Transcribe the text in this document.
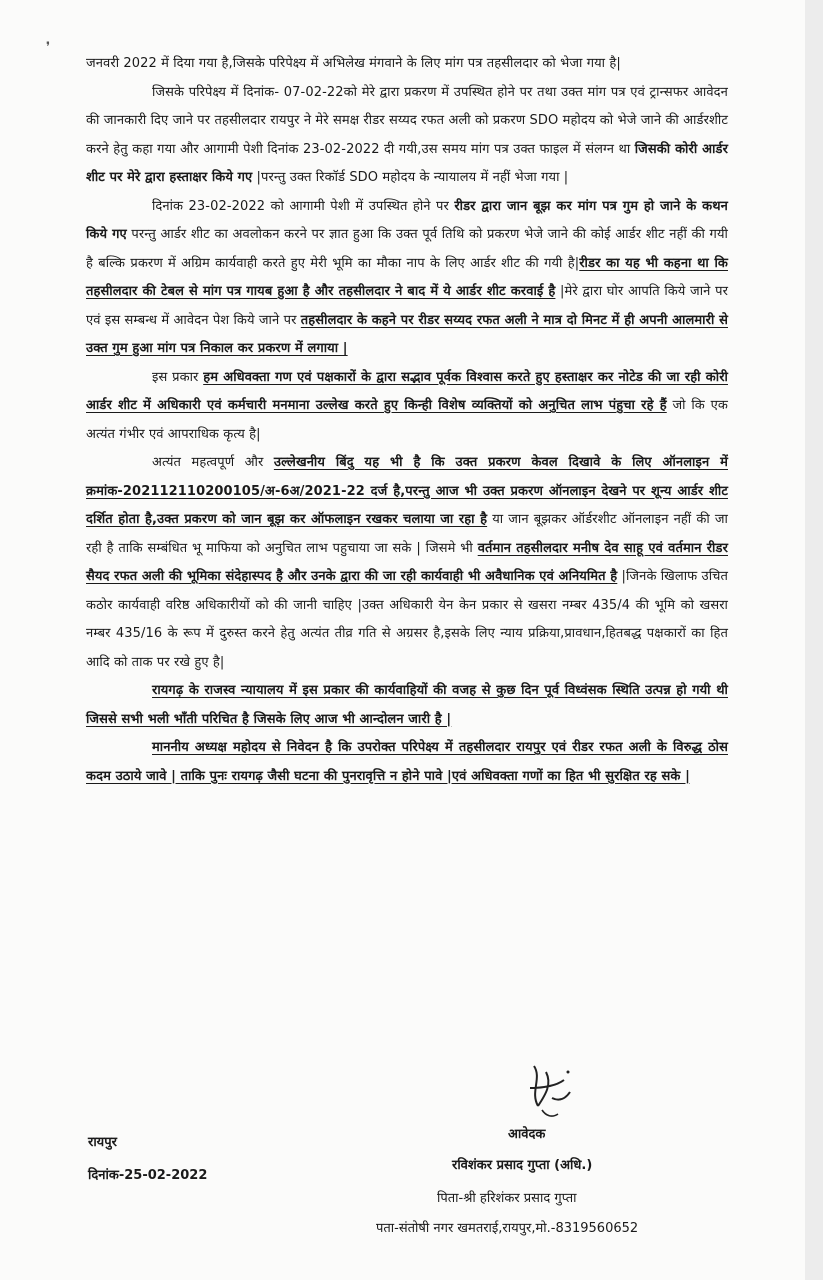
❜

जनवरी 2022 में दिया गया है,जिसके परिपेक्ष्य में अभिलेख मंगवाने के लिए मांग पत्र तहसीलदार को भेजा गया है|

जिसके परिपेक्ष्य में दिनांक- 07-02-22को मेरे द्वारा प्रकरण में उपस्थित होने पर तथा उक्त मांग पत्र एवं ट्रान्सफर आवेदन की जानकारी दिए जाने पर तहसीलदार रायपुर ने मेरे समक्ष रीडर सय्यद रफत अली को प्रकरण SDO महोदय को भेजे जाने की आर्डरशीट करने हेतु कहा गया और आगामी पेशी दिनांक 23-02-2022 दी गयी,उस समय मांग पत्र उक्त फाइल में संलग्न था जिसकी कोरी आर्डर शीट पर मेरे द्वारा हस्ताक्षर किये गए |परन्तु उक्त रिकॉर्ड SDO महोदय के न्यायालय में नहीं भेजा गया |

दिनांक 23-02-2022 को आगामी पेशी में उपस्थित होने पर रीडर द्वारा जान बूझ कर मांग पत्र गुम हो जाने के कथन किये गए परन्तु आर्डर शीट का अवलोकन करने पर ज्ञात हुआ कि उक्त पूर्व तिथि को प्रकरण भेजे जाने की कोई आर्डर शीट नहीं की गयी है बल्कि प्रकरण में अग्रिम कार्यवाही करते हुए मेरी भूमि का मौका नाप के लिए आर्डर शीट की गयी है|रीडर का यह भी कहना था कि तहसीलदार की टेबल से मांग पत्र गायब हुआ है और तहसीलदार ने बाद में ये आर्डर शीट करवाई है |मेरे द्वारा घोर आपति किये जाने पर एवं इस सम्बन्ध में आवेदन पेश किये जाने पर तहसीलदार के कहने पर रीडर सय्यद रफत अली ने मात्र दो मिनट में ही अपनी आलमारी से उक्त गुम हुआ मांग पत्र निकाल कर प्रकरण में लगाया |

इस प्रकार हम अधिवक्ता गण एवं पक्षकारों के द्वारा सद्भाव पूर्वक विश्वास करते हुए हस्ताक्षर कर नोटेड की जा रही कोरी आर्डर शीट में अधिकारी एवं कर्मचारी मनमाना उल्लेख करते हुए किन्ही विशेष व्यक्तियों को अनुचित लाभ पंहुचा रहे हैं जो कि एक अत्यंत गंभीर एवं आपराधिक कृत्य है|

अत्यंत महत्वपूर्ण और उल्लेखनीय बिंदु यह भी है कि उक्त प्रकरण केवल दिखावे के लिए ऑनलाइन में क्रमांक-202112110200105/अ-6अ/2021-22 दर्ज है,परन्तु आज भी उक्त प्रकरण ऑनलाइन देखने पर शून्य आर्डर शीट दर्शित होता है,उक्त प्रकरण को जान बूझ कर ऑफलाइन रखकर चलाया जा रहा है या जान बूझकर ऑर्डरशीट ऑनलाइन नहीं की जा रही है ताकि सम्बंधित भू माफिया को अनुचित लाभ पहुचाया जा सके | जिसमे भी वर्तमान तहसीलदार मनीष देव साहू एवं वर्तमान रीडर सैयद रफत अली की भूमिका संदेहास्पद है और उनके द्वारा की जा रही कार्यवाही भी अवैधानिक एवं अनियमित है |जिनके खिलाफ उचित कठोर कार्यवाही वरिष्ठ अधिकारीयों को की जानी चाहिए |उक्त अधिकारी येन केन प्रकार से खसरा नम्बर 435/4 की भूमि को खसरा नम्बर 435/16 के रूप में दुरुस्त करने हेतु अत्यंत तीव्र गति से अग्रसर है,इसके लिए न्याय प्रक्रिया,प्रावधान,हितबद्ध पक्षकारों का हित आदि को ताक पर रखे हुए है|

रायगढ़ के राजस्व न्यायालय में इस प्रकार की कार्यवाहियों की वजह से कुछ दिन पूर्व विध्वंसक स्थिति उत्पन्न हो गयी थी जिससे सभी भली भाँती परिचित है जिसके लिए आज भी आन्दोलन जारी है |

माननीय अध्यक्ष महोदय से निवेदन है कि उपरोक्त परिपेक्ष्य में तहसीलदार रायपुर एवं रीडर रफत अली के विरुद्ध ठोस कदम उठाये जावे | ताकि पुनः रायगढ़ जैसी घटना की पुनरावृत्ति न होने पावे |एवं अधिवक्ता गणों का हित भी सुरक्षित रह सके |

रायपुर
दिनांक-25-02-2022
आवेदक
रविशंकर प्रसाद गुप्ता (अधि.)
पिता-श्री हरिशंकर प्रसाद गुप्ता
पता-संतोषी नगर खमतराई,रायपुर,मो.-8319560652
